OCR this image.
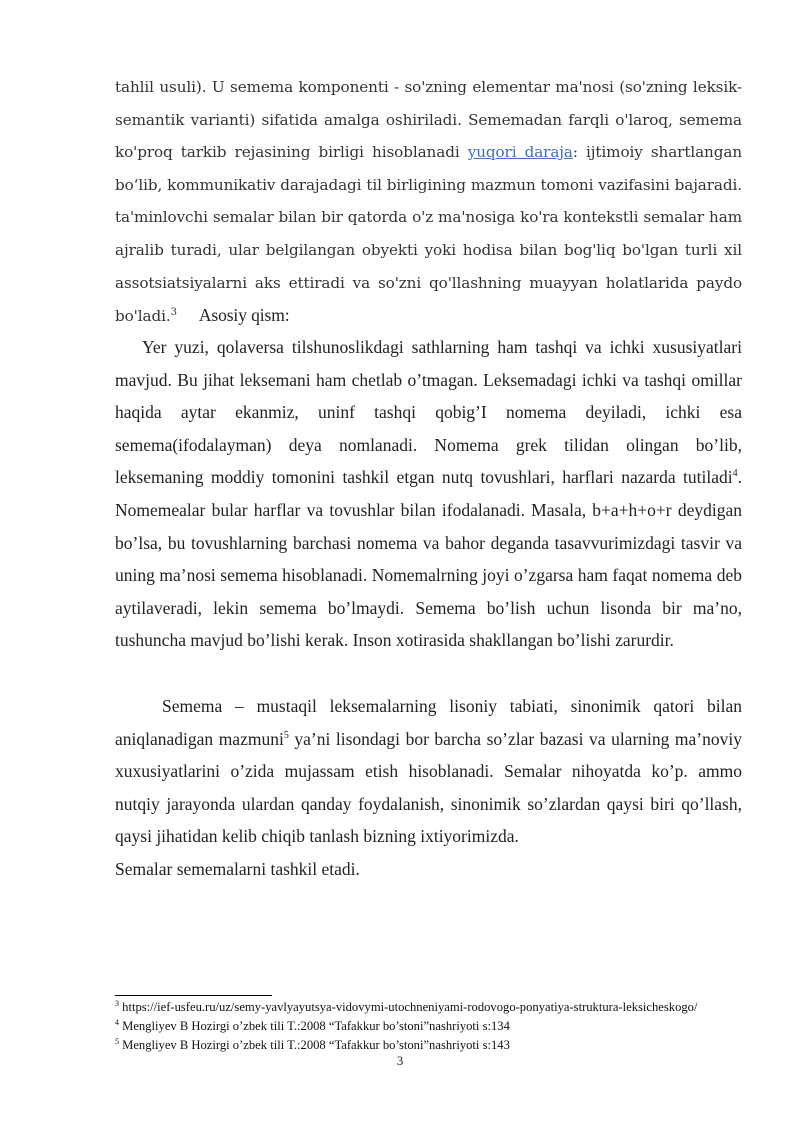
tahlil usuli). U semema komponenti - so'zning elementar ma'nosi (so'zning leksik-semantik varianti) sifatida amalga oshiriladi. Sememadan farqli o'laroq, semema ko'proq tarkib rejasining birligi hisoblanadi yuqori daraja: ijtimoiy shartlangan bo‘lib, kommunikativ darajadagi til birligining mazmun tomoni vazifasini bajaradi. ta'minlovchi semalar bilan bir qatorda o'z ma'nosiga ko'ra kontekstli semalar ham ajralib turadi, ular belgilangan obyekti yoki hodisa bilan bog'liq bo'lgan turli xil assotsiatsiyalarni aks ettiradi va so'zni qo'llashning muayyan holatlarida paydo bo'ladi.$^3$ Asosiy qism:

Yer yuzi, qolaversa tilshunoslikdagi sathlarning ham tashqi va ichki xususiyatlari mavjud. Bu jihat leksemani ham chetlab o’tmagan. Leksemadagi ichki va tashqi omillar haqida aytar ekanmiz, uninf tashqi qobig’I nomema deyiladi, ichki esa semema(ifodalayman) deya nomlanadi. Nomema grek tilidan olingan bo’lib, leksemaning moddiy tomonini tashkil etgan nutq tovushlari, harflari nazarda tutiladi$^4$. Nomemealar bular harflar va tovushlar bilan ifodalanadi. Masala, b+a+h+o+r deydigan bo’lsa, bu tovushlarning barchasi nomema va bahor deganda tasavvurimizdagi tasvir va uning ma’nosi semema hisoblanadi. Nomemalrning joyi o’zgarsa ham faqat nomema deb aytilaveradi, lekin semema bo’lmaydi. Semema bo’lish uchun lisonda bir ma’no, tushuncha mavjud bo’lishi kerak. Inson xotirasida shakllangan bo’lishi zarurdir.

Semema – mustaqil leksemalarning lisoniy tabiati, sinonimik qatori bilan aniqlanadigan mazmuni$^5$ ya’ni lisondagi bor barcha so’zlar bazasi va ularning ma’noviy xuxusiyatlarini o’zida mujassam etish hisoblanadi. Semalar nihoyatda ko’p. ammo nutqiy jarayonda ulardan qanday foydalanish, sinonimik so’zlardan qaysi biri qo’llash, qaysi jihatidan kelib chiqib tanlash bizning ixtiyorimizda.

Semalar sememalarni tashkil etadi.

$^3$ https://ief-usfeu.ru/uz/semy-yavlyayutsya-vidovymi-utochneniyami-rodovogo-ponyatiya-struktura-leksicheskogo/

$^4$ Mengliyev B Hozirgi o’zbek tili T.:2008 “Tafakkur bo’stoni”nashriyoti s:134

$^5$ Mengliyev B Hozirgi o’zbek tili T.:2008 “Tafakkur bo’stoni”nashriyoti s:143

3
